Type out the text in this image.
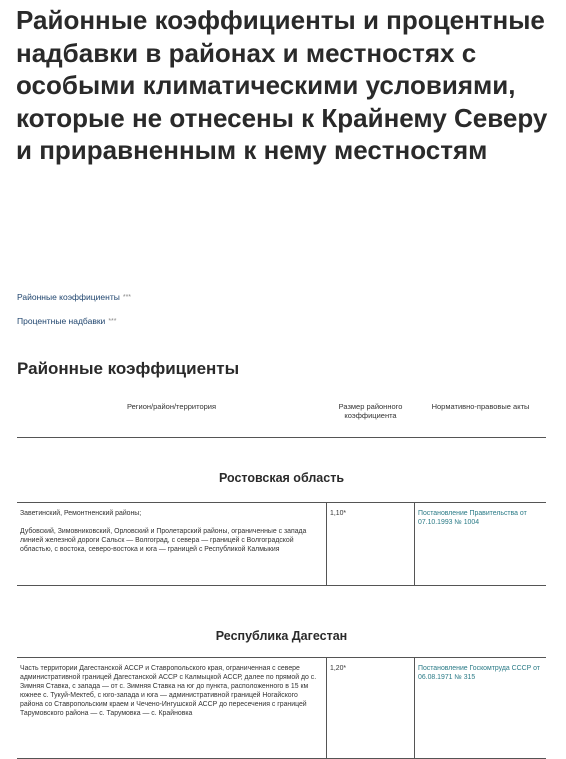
Районные коэффициенты и процентные надбавки в районах и местностях с особыми климатическими условиями, которые не отнесены к Крайнему Северу и приравненным к нему местностям
Районные коэффициенты ***
Процентные надбавки ***
Районные коэффициенты
Регион/район/территория	Размер районного коэффициента
Нормативно-правовые акты
Ростовская область

Заветинский, Ремонтненский районы;

Дубовский, Зимовниковский, Орловский и Пролетарский районы, ограниченные с запада линией железной дороги Сальск — Волгоград, с севера — границей с Волгоградской областью, с востока, северо-востока и юга — границей с Республикой Калмыкия

1,10*	Постановление Правительства от 07.10.1993 № 1004
Республика Дагестан

Часть территории Дагестанской АССР и Ставропольского края, ограниченная с севере административной границей Дагестанской АССР с Калмыцкой АССР, далее по прямой до с. Зимняя Ставка, с запада — от с. Зимняя Ставка на юг до пункта, расположенного в 15 км южнее с. Тукуй-Мектеб, с юго-запада и юга — административной границей Ногайского района со Ставропольским краем и Чечено-Ингушской АССР до пересечения с границей Тарумовского района — с. Тарумовка — с. Крайновка

1,20*	Постановление Госкомтруда СССР от 06.08.1971 № 315
